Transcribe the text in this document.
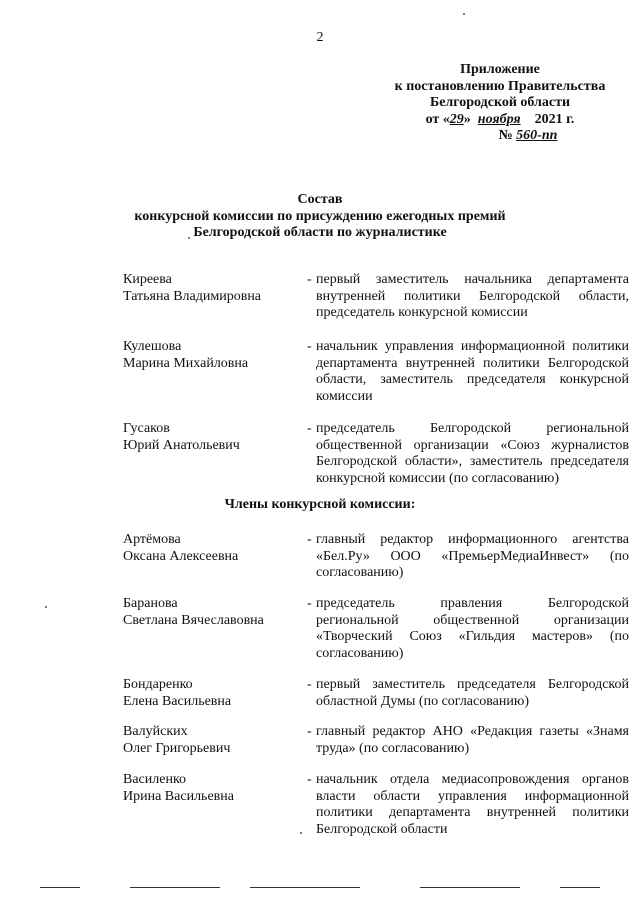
2
Приложение
к постановлению Правительства
Белгородской области
от «29» ноября 2021 г.
№ 560-пп
Состав
конкурсной комиссии по присуждению ежегодных премий
Белгородской области по журналистике
Киреева
Татьяна Владимировна
- первый заместитель начальника департамента внутренней политики Белгородской области, председатель конкурсной комиссии
Кулешова
Марина Михайловна
- начальник управления информационной политики департамента внутренней политики Белгородской области, заместитель председателя конкурсной комиссии
Гусаков
Юрий Анатольевич
- председатель Белгородской региональной общественной организации «Союз журналистов Белгородской области», заместитель председателя конкурсной комиссии (по согласованию)
Члены конкурсной комиссии:
Артёмова
Оксана Алексеевна
- главный редактор информационного агентства «Бел.Ру» ООО «ПремьерМедиаИнвест» (по согласованию)
Баранова
Светлана Вячеславовна
- председатель правления Белгородской региональной общественной организации «Творческий Союз «Гильдия мастеров» (по согласованию)
Бондаренко
Елена Васильевна
- первый заместитель председателя Белгородской областной Думы (по согласованию)
Валуйских
Олег Григорьевич
- главный редактор АНО «Редакция газеты «Знамя труда» (по согласованию)
Василенко
Ирина Васильевна
- начальник отдела медиасопровождения органов власти области управления информационной политики департамента внутренней политики Белгородской области
